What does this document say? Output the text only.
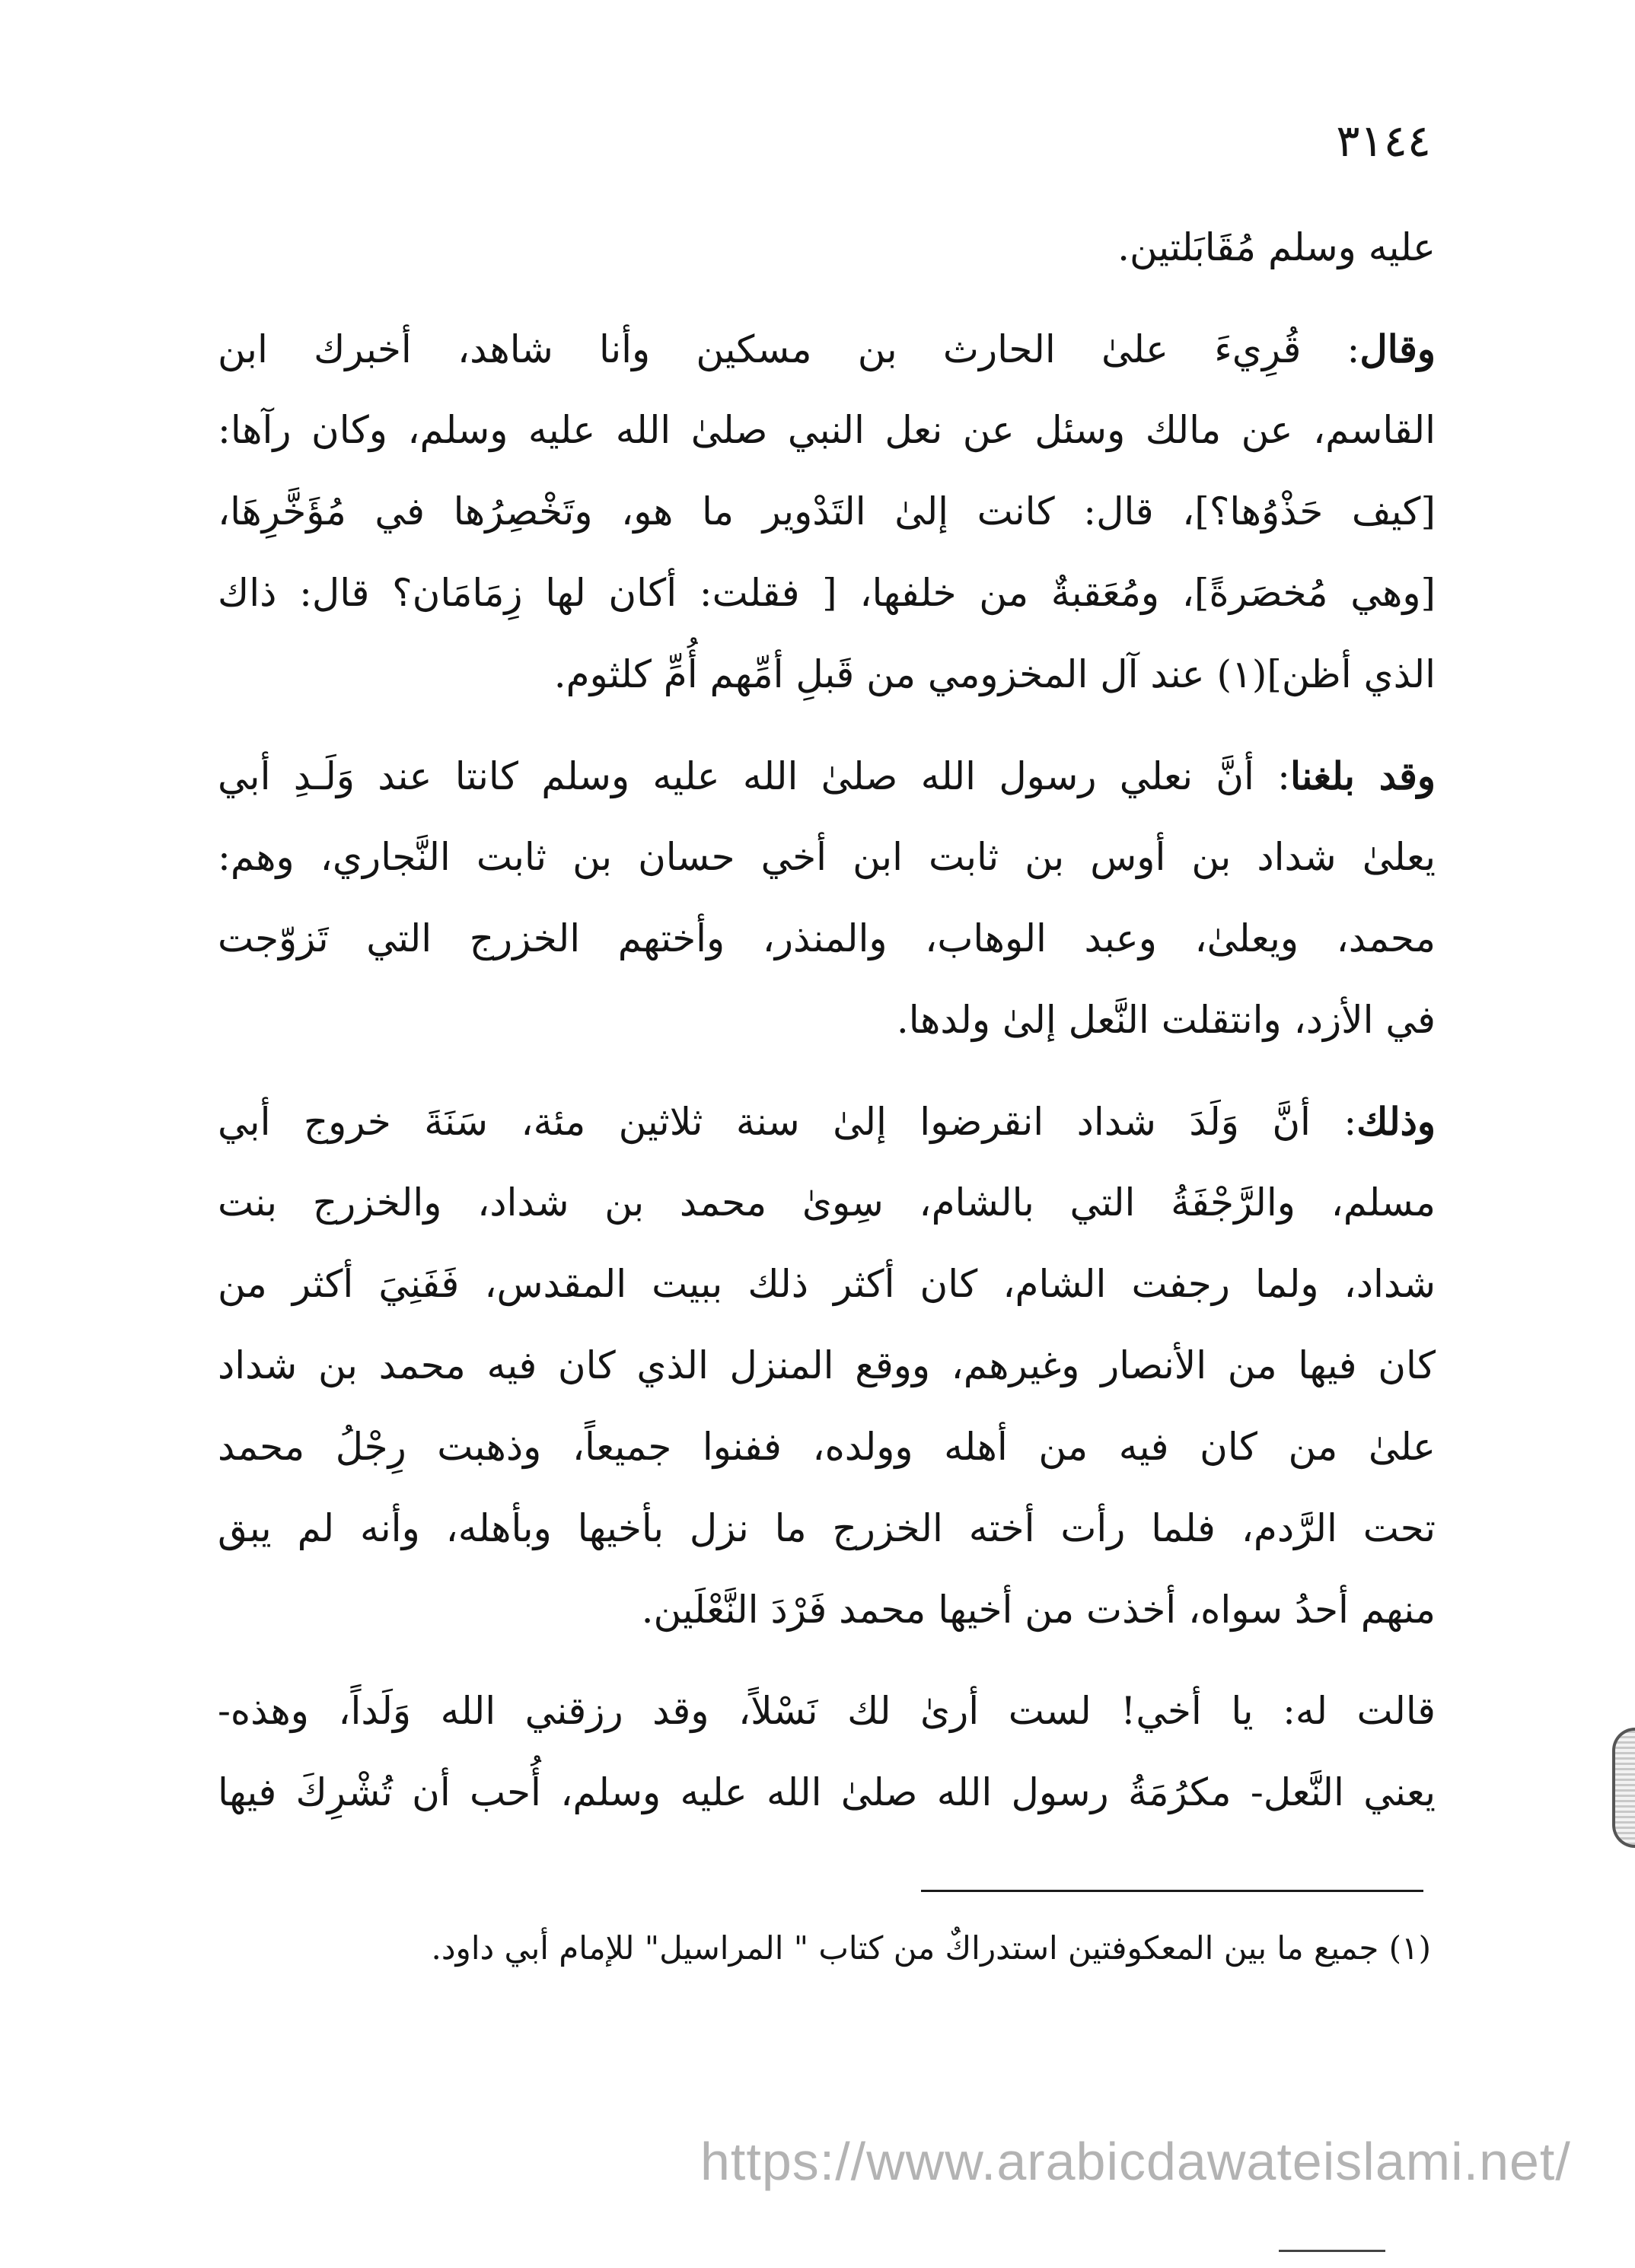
٣١٤٤
عليه وسلم مُقَابَلتين.
وقال: قُرِيءَ علىٰ الحارث بن مسكين وأنا شاهد، أخبرك ابن
القاسم، عن مالك وسئل عن نعل النبي صلىٰ الله عليه وسلم، وكان رآها:
[كيف حَذْوُها؟]، قال: كانت إلىٰ التَدْوير ما هو، وتَخْصِرُها في مُؤَخَّرِهَا،
[وهي مُخصَرةً]، ومُعَقبةٌ من خلفها، [ فقلت: أكان لها زِمَامَان؟ قال: ذاك
الذي أظن](١) عند آل المخزومي من قَبلِ أمِّهم أُمِّ كلثوم.
وقد بلغنا: أنَّ نعلي رسول الله صلىٰ الله عليه وسلم كانتا عند وَلَـدِ أبي
يعلىٰ شداد بن أوس بن ثابت ابن أخي حسان بن ثابت النَّجاري، وهم:
محمد، ويعلىٰ، وعبد الوهاب، والمنذر، وأختهم الخزرج التي تَزوّجت
في الأزد، وانتقلت النَّعل إلىٰ ولدها.
وذلك: أنَّ وَلَدَ شداد انقرضوا إلىٰ سنة ثلاثين مئة، سَنَةَ خروج أبي
مسلم، والرَّجْفَةُ التي بالشام، سِوىٰ محمد بن شداد، والخزرج بنت
شداد، ولما رجفت الشام، كان أكثر ذلك ببيت المقدس، فَفَنِيَ أكثر من
كان فيها من الأنصار وغيرهم، ووقع المنزل الذي كان فيه محمد بن شداد
علىٰ من كان فيه من أهله وولده، ففنوا جميعاً، وذهبت رِجْلُ محمد
تحت الرَّدم، فلما رأت أخته الخزرج ما نزل بأخيها وبأهله، وأنه لم يبق
منهم أحدُ سواه، أخذت من أخيها محمد فَرْدَ النَّعْلَين.
قالت له: يا أخي! لست أرىٰ لك نَسْلاً، وقد رزقني الله وَلَداً، وهذه-
يعني النَّعل- مكرُمَةُ رسول الله صلىٰ الله عليه وسلم، أُحب أن تُشْرِكَ فيها
(١) جميع ما بين المعكوفتين استدراكٌ من كتاب " المراسيل" للإمام أبي داود.
https://www.arabicdawateislami.net/
